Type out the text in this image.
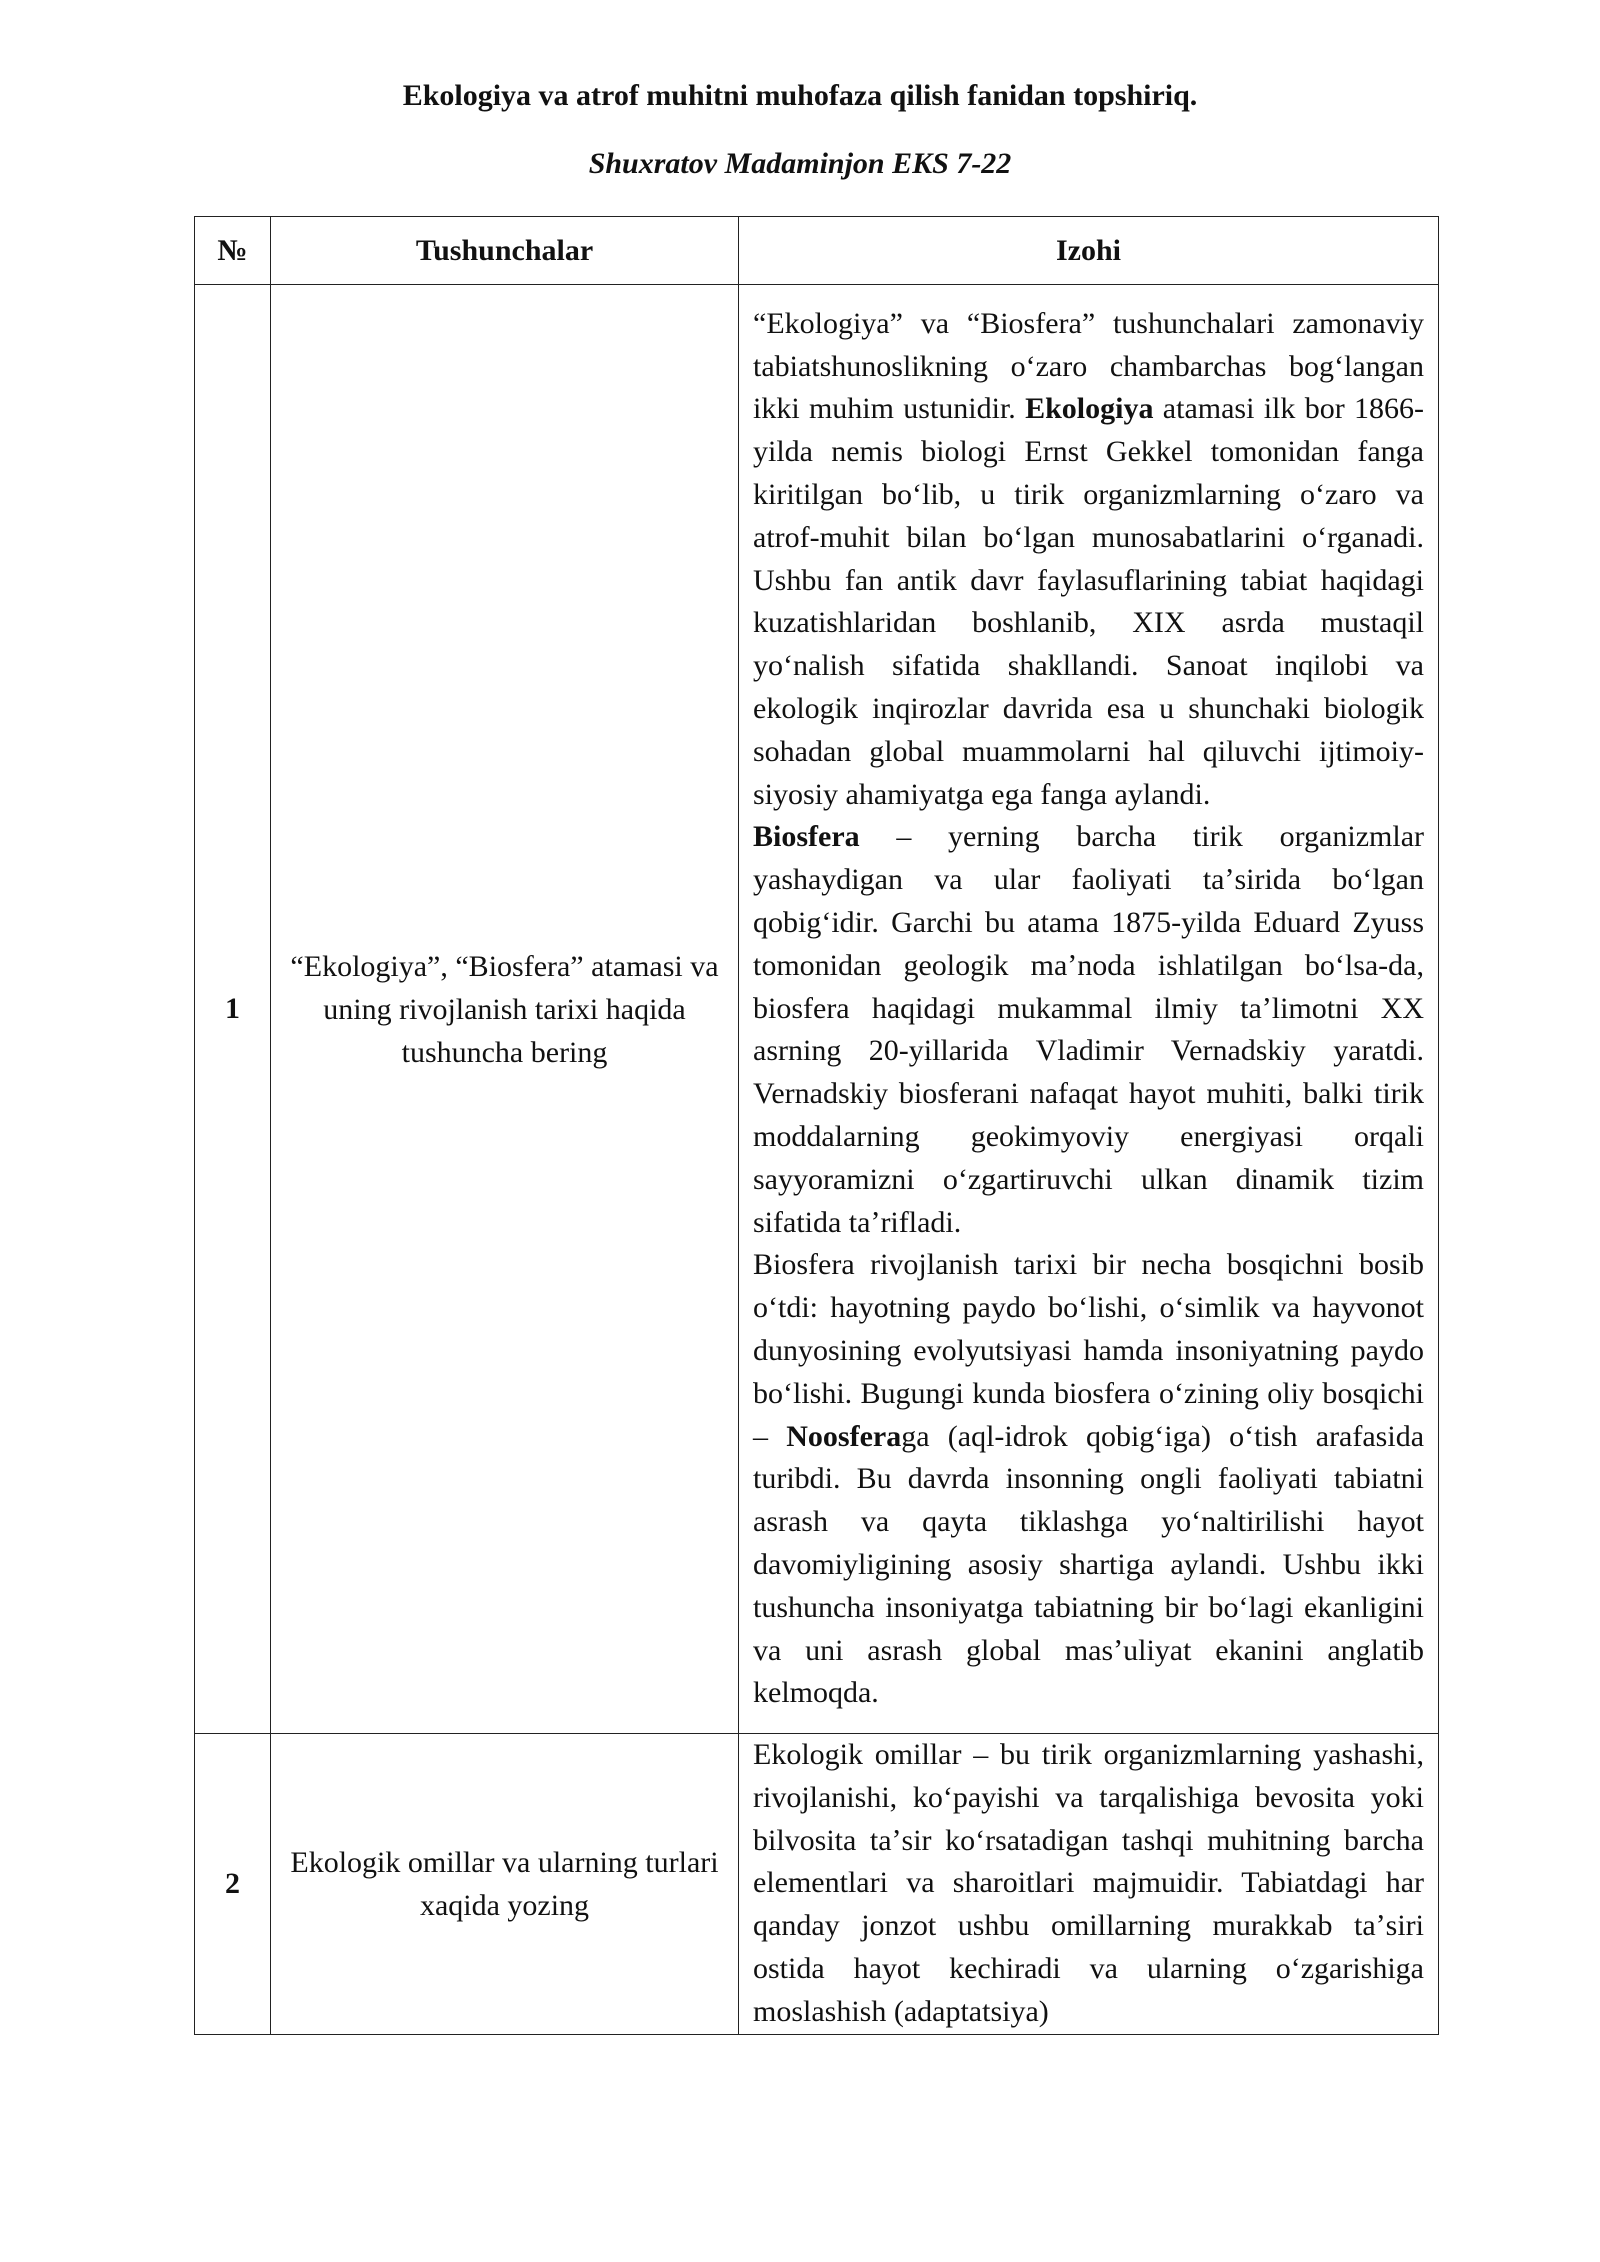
Ekologiya va atrof muhitni muhofaza qilish fanidan topshiriq.
Shuxratov Madaminjon EKS 7-22
№	Tushunchalar	Izohi
1	“Ekologiya”, “Biosfera” atamasi va uning rivojlanish tarixi haqida tushuncha bering	“Ekologiya” va “Biosfera” tushunchalari zamonaviy tabiatshunoslikning oʻzaro chambarchas bogʻlangan ikki muhim ustunidir. Ekologiya atamasi ilk bor 1866-yilda nemis biologi Ernst Gekkel tomonidan fanga kiritilgan boʻlib, u tirik organizmlarning oʻzaro va atrof-muhit bilan boʻlgan munosabatlarini oʻrganadi. Ushbu fan antik davr faylasuflarining tabiat haqidagi kuzatishlaridan boshlanib, XIX asrda mustaqil yoʻnalish sifatida shakllandi. Sanoat inqilobi va ekologik inqirozlar davrida esa u shunchaki biologik sohadan global muammolarni hal qiluvchi ijtimoiy-siyosiy ahamiyatga ega fanga aylandi.

Biosfera – yerning barcha tirik organizmlar yashaydigan va ular faoliyati taʼsirida boʻlgan qobigʻidir. Garchi bu atama 1875-yilda Eduard Zyuss tomonidan geologik maʼnoda ishlatilgan boʻlsa-da, biosfera haqidagi mukammal ilmiy taʼlimotni XX asrning 20-yillarida Vladimir Vernadskiy yaratdi. Vernadskiy biosferani nafaqat hayot muhiti, balki tirik moddalarning geokimyoviy energiyasi orqali sayyoramizni oʻzgartiruvchi ulkan dinamik tizim sifatida taʼrifladi.

Biosfera rivojlanish tarixi bir necha bosqichni bosib oʻtdi: hayotning paydo boʻlishi, oʻsimlik va hayvonot dunyosining evolyutsiyasi hamda insoniyatning paydo boʻlishi. Bugungi kunda biosfera oʻzining oliy bosqichi – Noosferaga (aql-idrok qobigʻiga) oʻtish arafasida turibdi. Bu davrda insonning ongli faoliyati tabiatni asrash va qayta tiklashga yoʻnaltirilishi hayot davomiyligining asosiy shartiga aylandi. Ushbu ikki tushuncha insoniyatga tabiatning bir boʻlagi ekanligini va uni asrash global masʼuliyat ekanini anglatib kelmoqda.

2	Ekologik omillar va ularning turlari xaqida yozing	Ekologik omillar – bu tirik organizmlarning yashashi, rivojlanishi, koʻpayishi va tarqalishiga bevosita yoki bilvosita taʼsir koʻrsatadigan tashqi muhitning barcha elementlari va sharoitlari majmuidir. Tabiatdagi har qanday jonzot ushbu omillarning murakkab taʼsiri ostida hayot kechiradi va ularning oʻzgarishiga moslashish (adaptatsiya)
